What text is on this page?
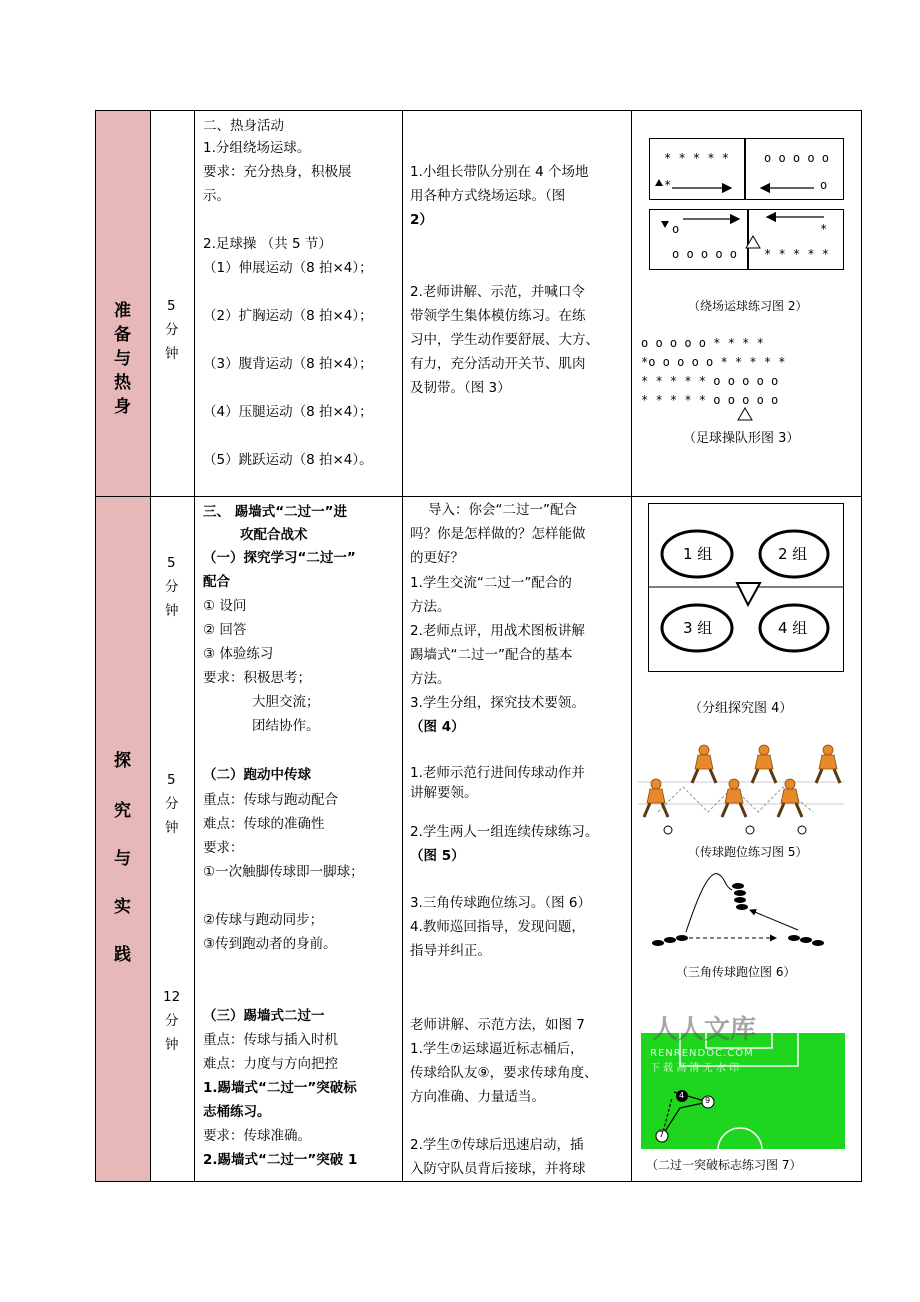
准
备
与
热
身
5
分
钟
二、热身活动
1.分组绕场运球。
要求：充分热身，积极展
示。
2.足球操 （共 5 节）
（1）伸展运动（8 拍×4）；
（2）扩胸运动（8 拍×4）；
（3）腹背运动（8 拍×4）；
（4）压腿运动（8 拍×4）；
（5）跳跃运动（8 拍×4）。
1.小组长带队分别在 4 个场地
用各种方式绕场运球。（图
2）
2.老师讲解、示范，并喊口令
带领学生集体模仿练习。在练
习中，学生动作要舒展、大方、
有力，充分活动开关节、肌肉
及韧带。（图 3）
* * * * *
*
o o o o o
o
o
o o o o o
*
* * * * *
（绕场运球练习图 2）
o o o o o * * * *
*o o o o o * * * * *
* * * * * o o o o o
* * * * * o o o o o
（足球操队形图 3）
探
究
与
实
践
5
分
钟
5
分
钟
12
分
钟
三、 踢墙式“二过一”进
攻配合战术
（一）探究学习“二过一”
配合
① 设问
② 回答
③ 体验练习
要求：积极思考；
大胆交流；
团结协作。
（二）跑动中传球
重点：传球与跑动配合
难点：传球的准确性
要求：
①一次触脚传球即一脚球；
②传球与跑动同步；
③传到跑动者的身前。
（三）踢墙式二过一
重点：传球与插入时机
难点：力度与方向把控
1.踢墙式“二过一”突破标
志桶练习。
要求：传球准确。
2.踢墙式“二过一”突破 1
导入：你会“二过一”配合
吗？你是怎样做的？怎样能做
的更好？
1.学生交流“二过一”配合的
方法。
2.老师点评，用战术图板讲解
踢墙式“二过一”配合的基本
方法。
3.学生分组，探究技术要领。
（图 4）
1.老师示范行进间传球动作并
讲解要领。
2.学生两人一组连续传球练习。
（图 5）
3.三角传球跑位练习。（图 6）
4.教师巡回指导，发现问题，
指导并纠正。
老师讲解、示范方法，如图 7
1.学生⑦运球逼近标志桶后，
传球给队友⑨，要求传球角度、
方向准确、力量适当。
2.学生⑦传球后迅速启动，插
入防守队员背后接球，并将球
1 组	2 组
3 组	4 组
（分组探究图 4）
（传球跑位练习图 5）
（三角传球跑位图 6）
7
9
4
（二过一突破标志练习图 7）
人人文库
RENRENDOC.COM
下 载 高 清 无 水 印
